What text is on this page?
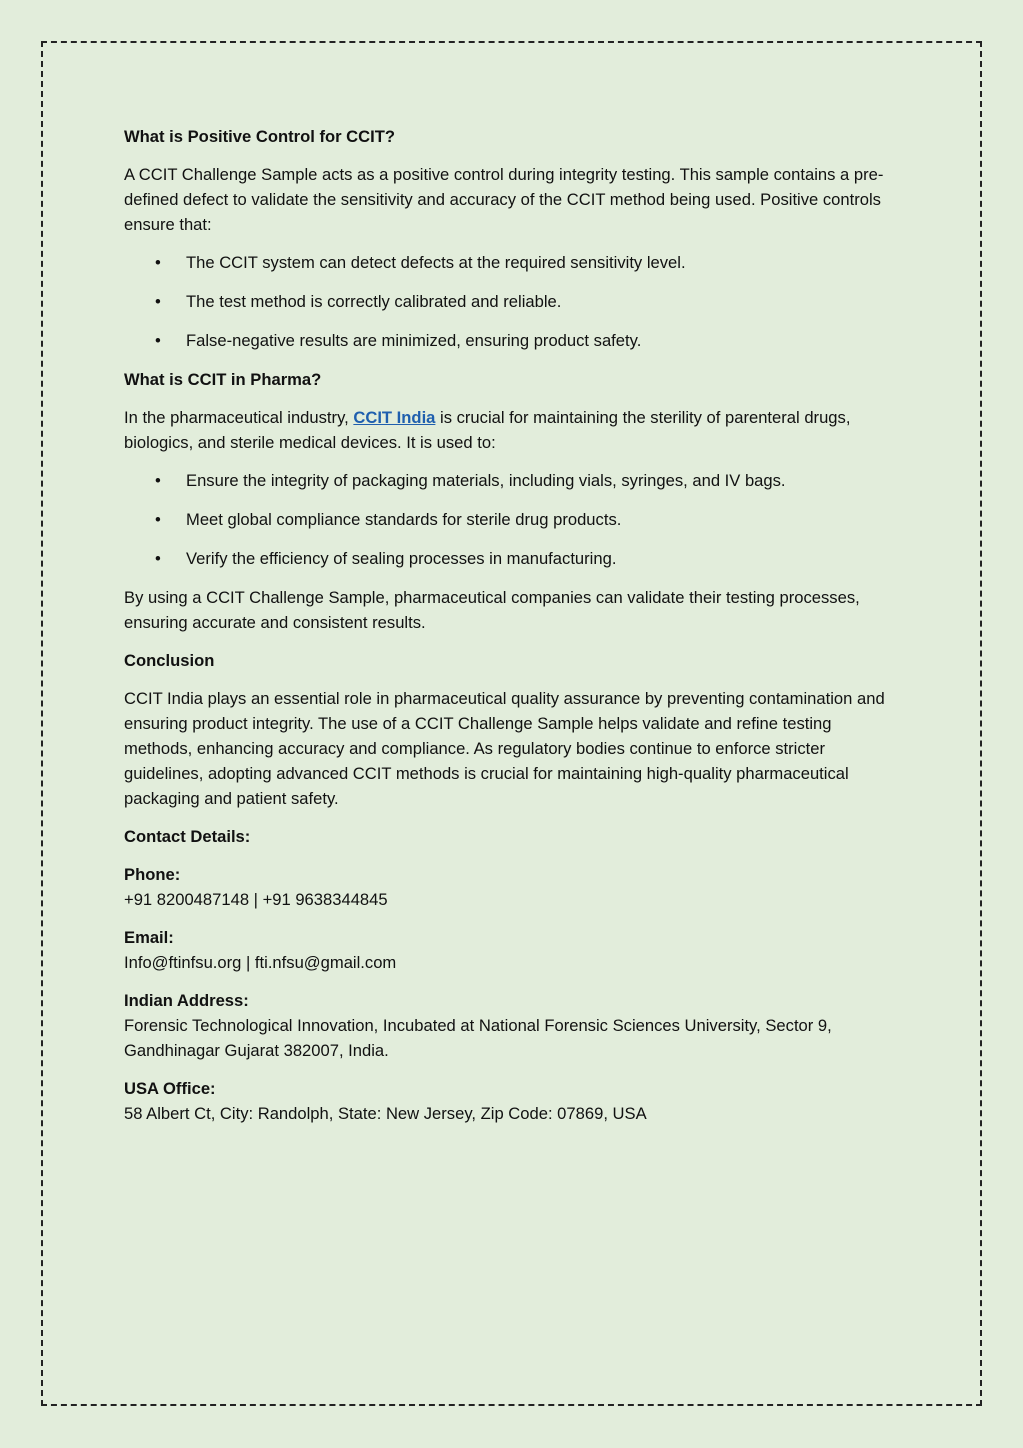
What is Positive Control for CCIT?

A CCIT Challenge Sample acts as a positive control during integrity testing. This sample contains a pre-defined defect to validate the sensitivity and accuracy of the CCIT method being used. Positive controls ensure that:

• The CCIT system can detect defects at the required sensitivity level.
• The test method is correctly calibrated and reliable.
• False-negative results are minimized, ensuring product safety.
What is CCIT in Pharma?

In the pharmaceutical industry, CCIT India is crucial for maintaining the sterility of parenteral drugs, biologics, and sterile medical devices. It is used to:

• Ensure the integrity of packaging materials, including vials, syringes, and IV bags.
• Meet global compliance standards for sterile drug products.
• Verify the efficiency of sealing processes in manufacturing.

By using a CCIT Challenge Sample, pharmaceutical companies can validate their testing processes, ensuring accurate and consistent results.

Conclusion

CCIT India plays an essential role in pharmaceutical quality assurance by preventing contamination and ensuring product integrity. The use of a CCIT Challenge Sample helps validate and refine testing methods, enhancing accuracy and compliance. As regulatory bodies continue to enforce stricter guidelines, adopting advanced CCIT methods is crucial for maintaining high-quality pharmaceutical packaging and patient safety.

Contact Details:
Phone:
+91 8200487148 | +91 9638344845
Email:
Info@ftinfsu.org | fti.nfsu@gmail.com
Indian Address:
Forensic Technological Innovation, Incubated at National Forensic Sciences University, Sector 9, Gandhinagar Gujarat 382007, India.
USA Office:
58 Albert Ct, City: Randolph, State: New Jersey, Zip Code: 07869, USA
